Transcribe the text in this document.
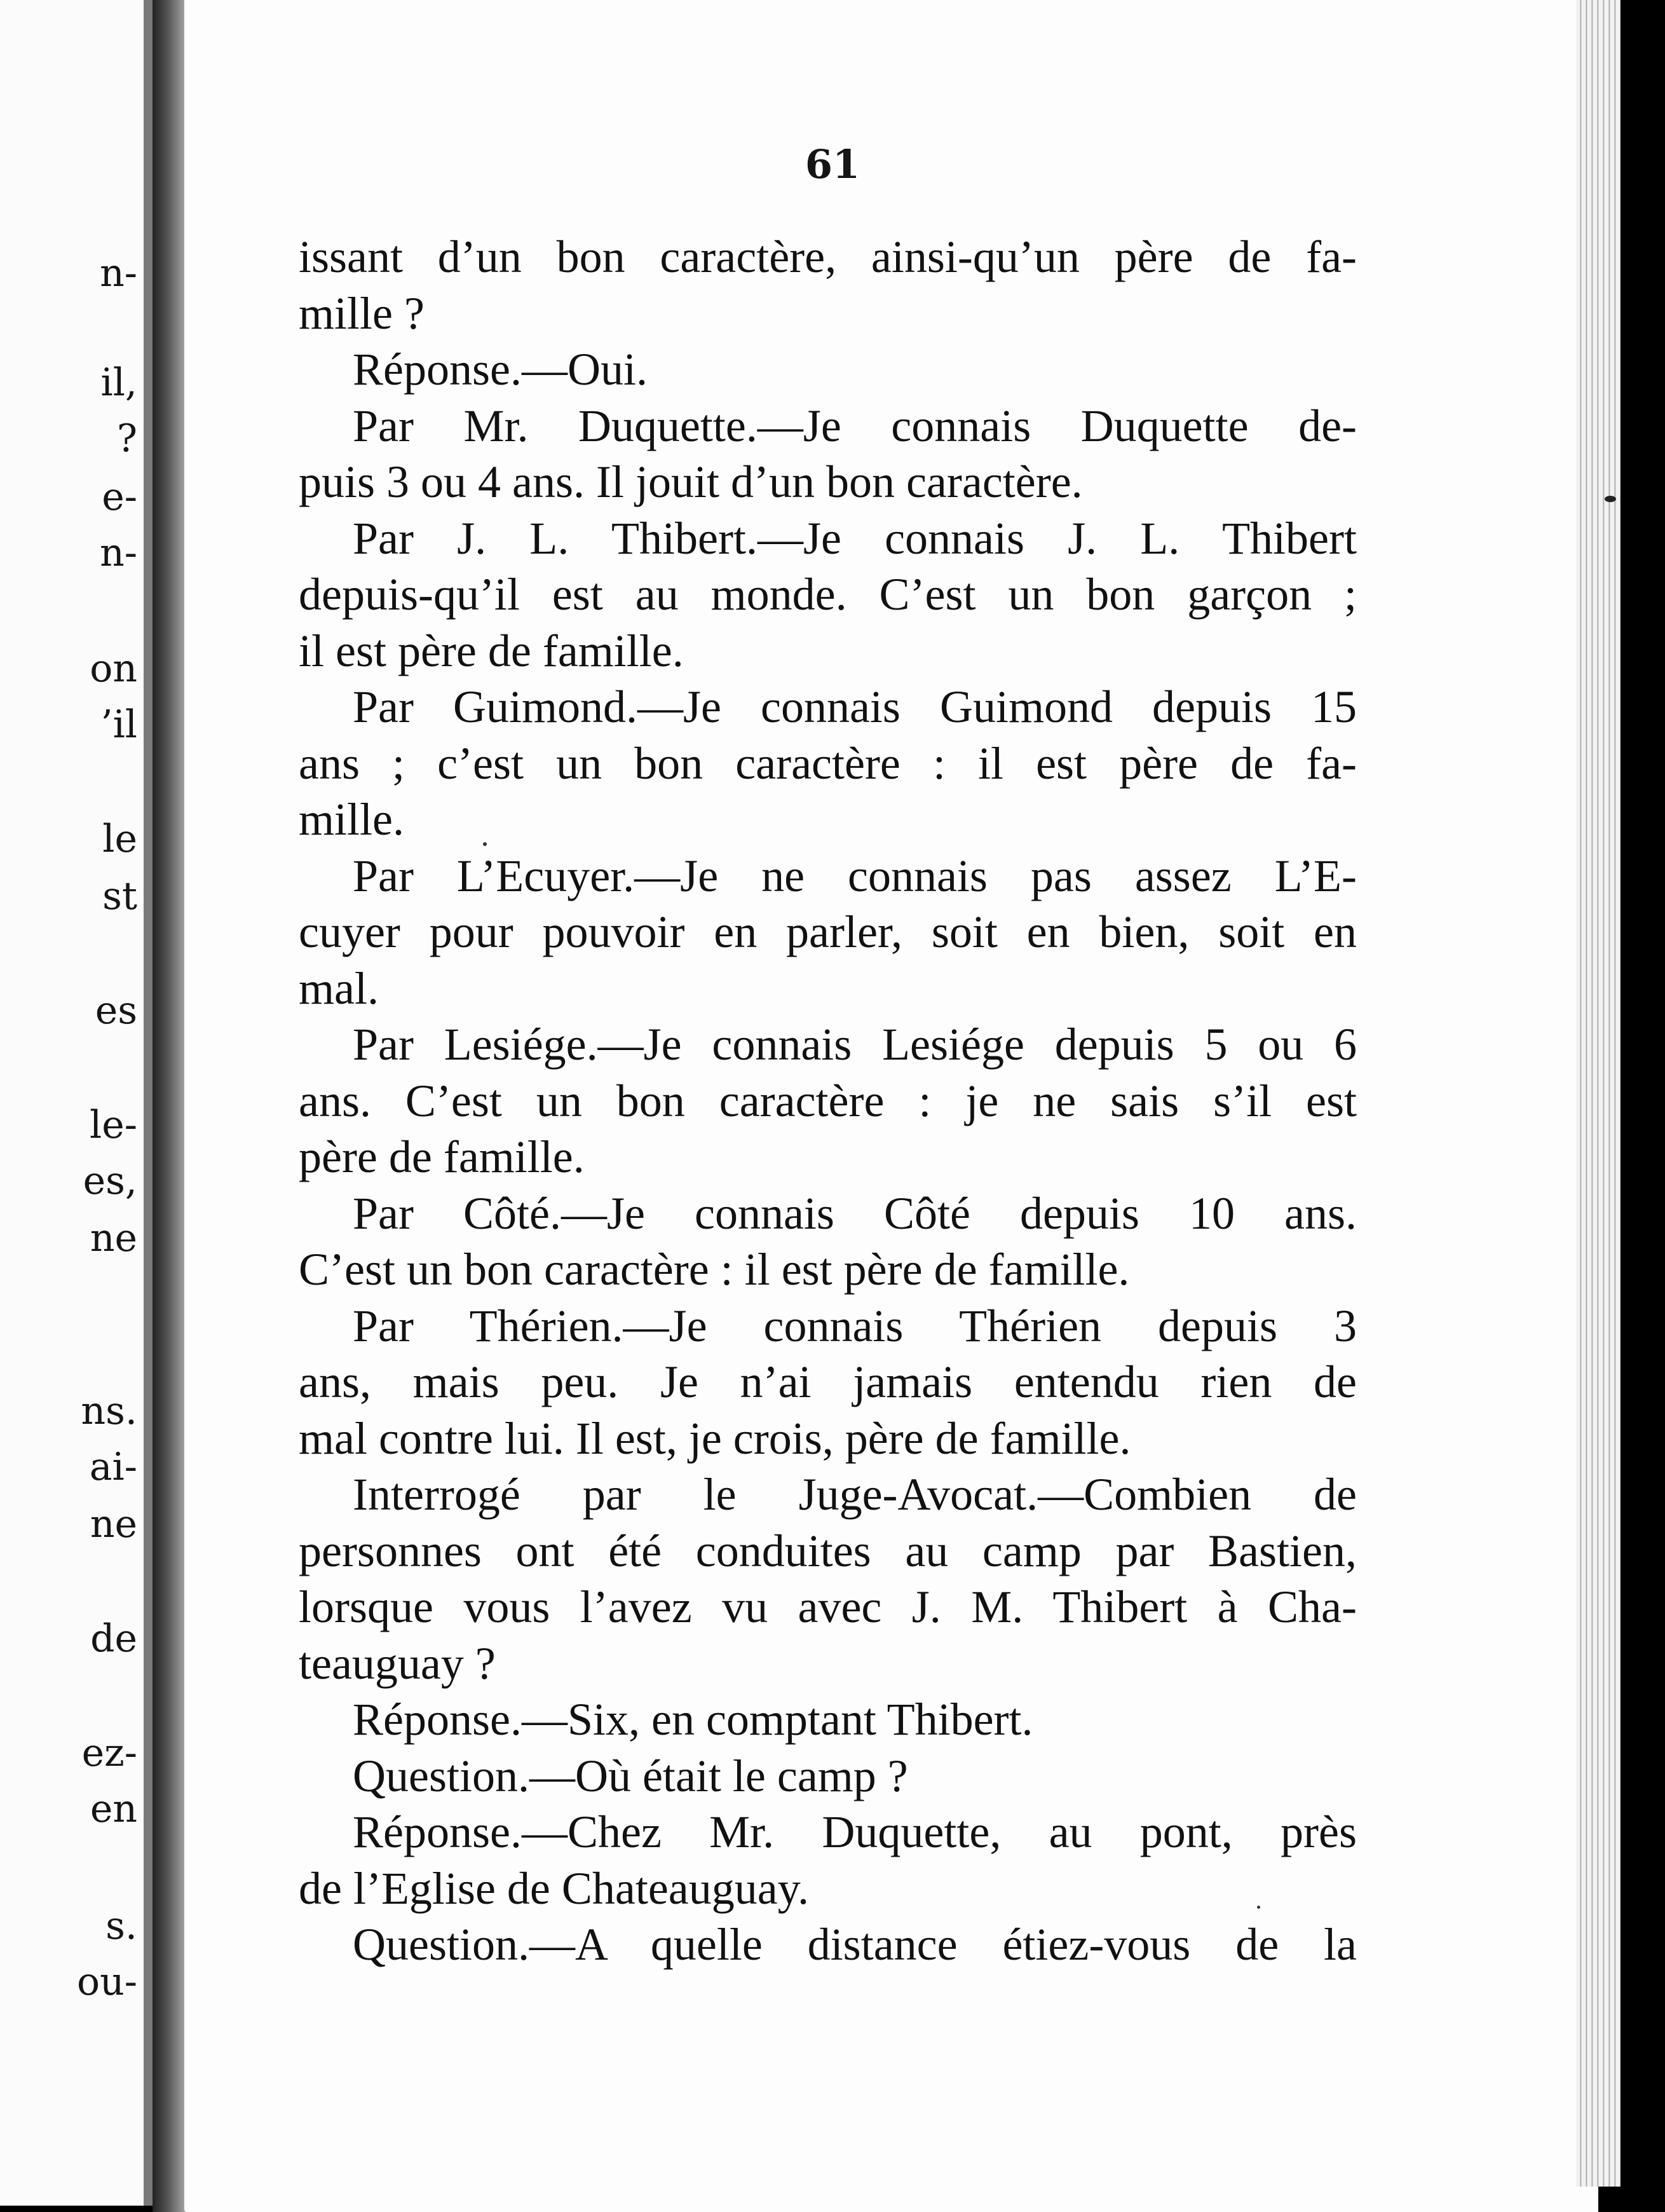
n-
il,
?
e-
n-
on
’il
le
st
es
le-
es,
ne
ns.
ai-
ne
de
ez-
en
s.
ou-
61
issant d’un bon caractère, ainsi-qu’un père de fa-
mille ?
Réponse.—Oui.
Par Mr. Duquette.—Je connais Duquette de-
puis 3 ou 4 ans. Il jouit d’un bon caractère.
Par J. L. Thibert.—Je connais J. L. Thibert
depuis-qu’il est au monde. C’est un bon garçon ;
il est père de famille.
Par Guimond.—Je connais Guimond depuis 15
ans ; c’est un bon caractère : il est père de fa-
mille.
Par L’Ecuyer.—Je ne connais pas assez L’E-
cuyer pour pouvoir en parler, soit en bien, soit en
mal.
Par Lesiége.—Je connais Lesiége depuis 5 ou 6
ans. C’est un bon caractère : je ne sais s’il est
père de famille.
Par Côté.—Je connais Côté depuis 10 ans.
C’est un bon caractère : il est père de famille.
Par Thérien.—Je connais Thérien depuis 3
ans, mais peu. Je n’ai jamais entendu rien de
mal contre lui. Il est, je crois, père de famille.
Interrogé par le Juge-Avocat.—Combien de
personnes ont été conduites au camp par Bastien,
lorsque vous l’avez vu avec J. M. Thibert à Cha-
teauguay ?
Réponse.—Six, en comptant Thibert.
Question.—Où était le camp ?
Réponse.—Chez Mr. Duquette, au pont, près
de l’Eglise de Chateauguay.
Question.—A quelle distance étiez-vous de la
